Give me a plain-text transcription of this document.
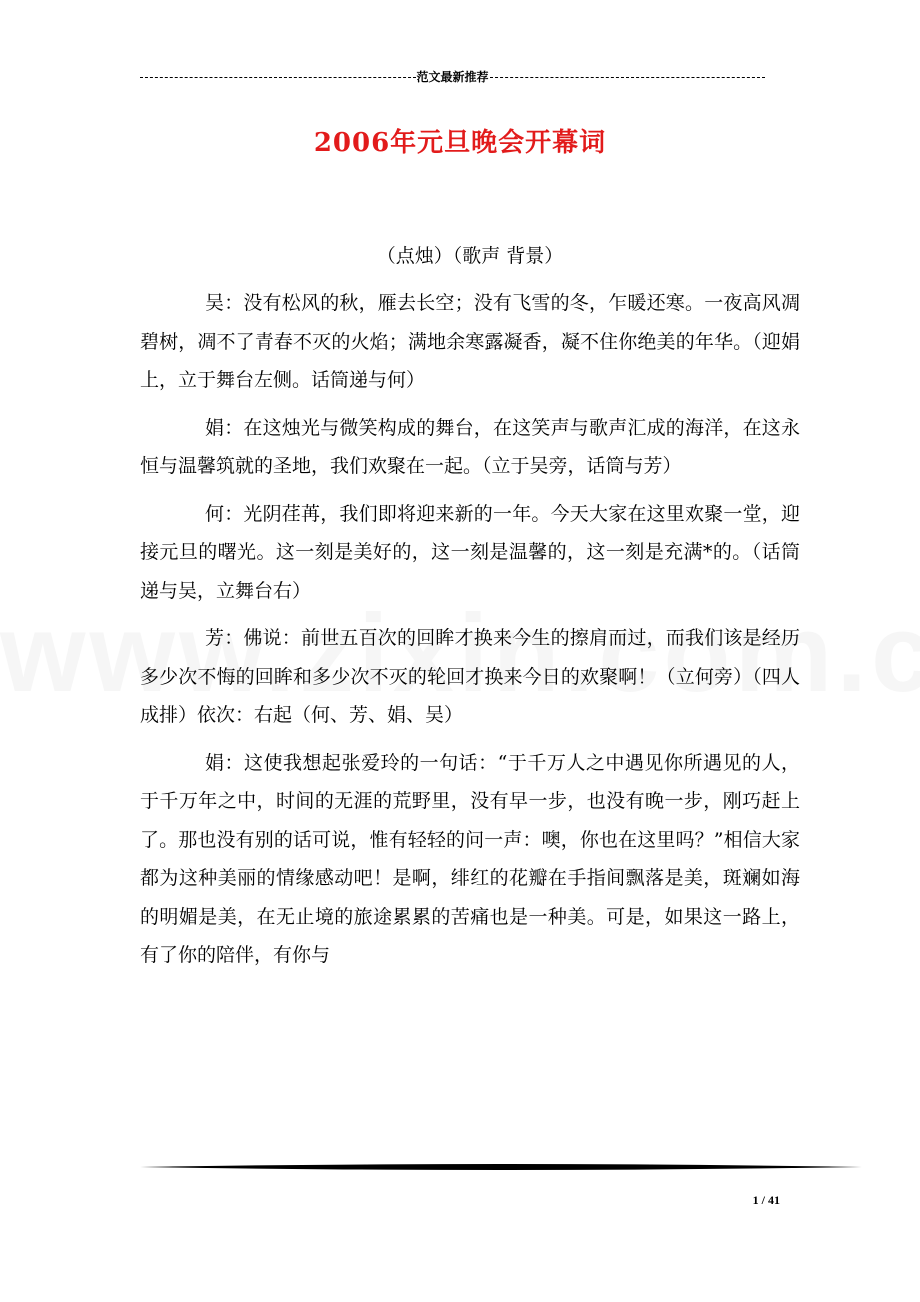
范文最新推荐
2006年元旦晚会开幕词
（点烛）（歌声 背景）

吴：没有松风的秋，雁去长空；没有飞雪的冬，乍暖还寒。一夜高风凋碧树，凋不了青春不灭的火焰；满地余寒露凝香，凝不住你绝美的年华。（迎娟上，立于舞台左侧。话筒递与何）

娟：在这烛光与微笑构成的舞台，在这笑声与歌声汇成的海洋，在这永恒与温馨筑就的圣地，我们欢聚在一起。（立于吴旁，话筒与芳）

何：光阴荏苒，我们即将迎来新的一年。今天大家在这里欢聚一堂，迎接元旦的曙光。这一刻是美好的，这一刻是温馨的，这一刻是充满*的。（话筒递与吴，立舞台右）

芳：佛说：前世五百次的回眸才换来今生的擦肩而过，而我们该是经历多少次不悔的回眸和多少次不灭的轮回才换来今日的欢聚啊！（立何旁）（四人成排）依次：右起（何、芳、娟、吴）

娟：这使我想起张爱玲的一句话：“于千万人之中遇见你所遇见的人，于千万年之中，时间的无涯的荒野里，没有早一步，也没有晚一步，刚巧赶上了。那也没有别的话可说，惟有轻轻的问一声：噢，你也在这里吗？”相信大家都为这种美丽的情缘感动吧！是啊，绯红的花瓣在手指间飘落是美，斑斓如海的明媚是美，在无止境的旅途累累的苦痛也是一种美。可是，如果这一路上，有了你的陪伴，有你与

1 / 41
